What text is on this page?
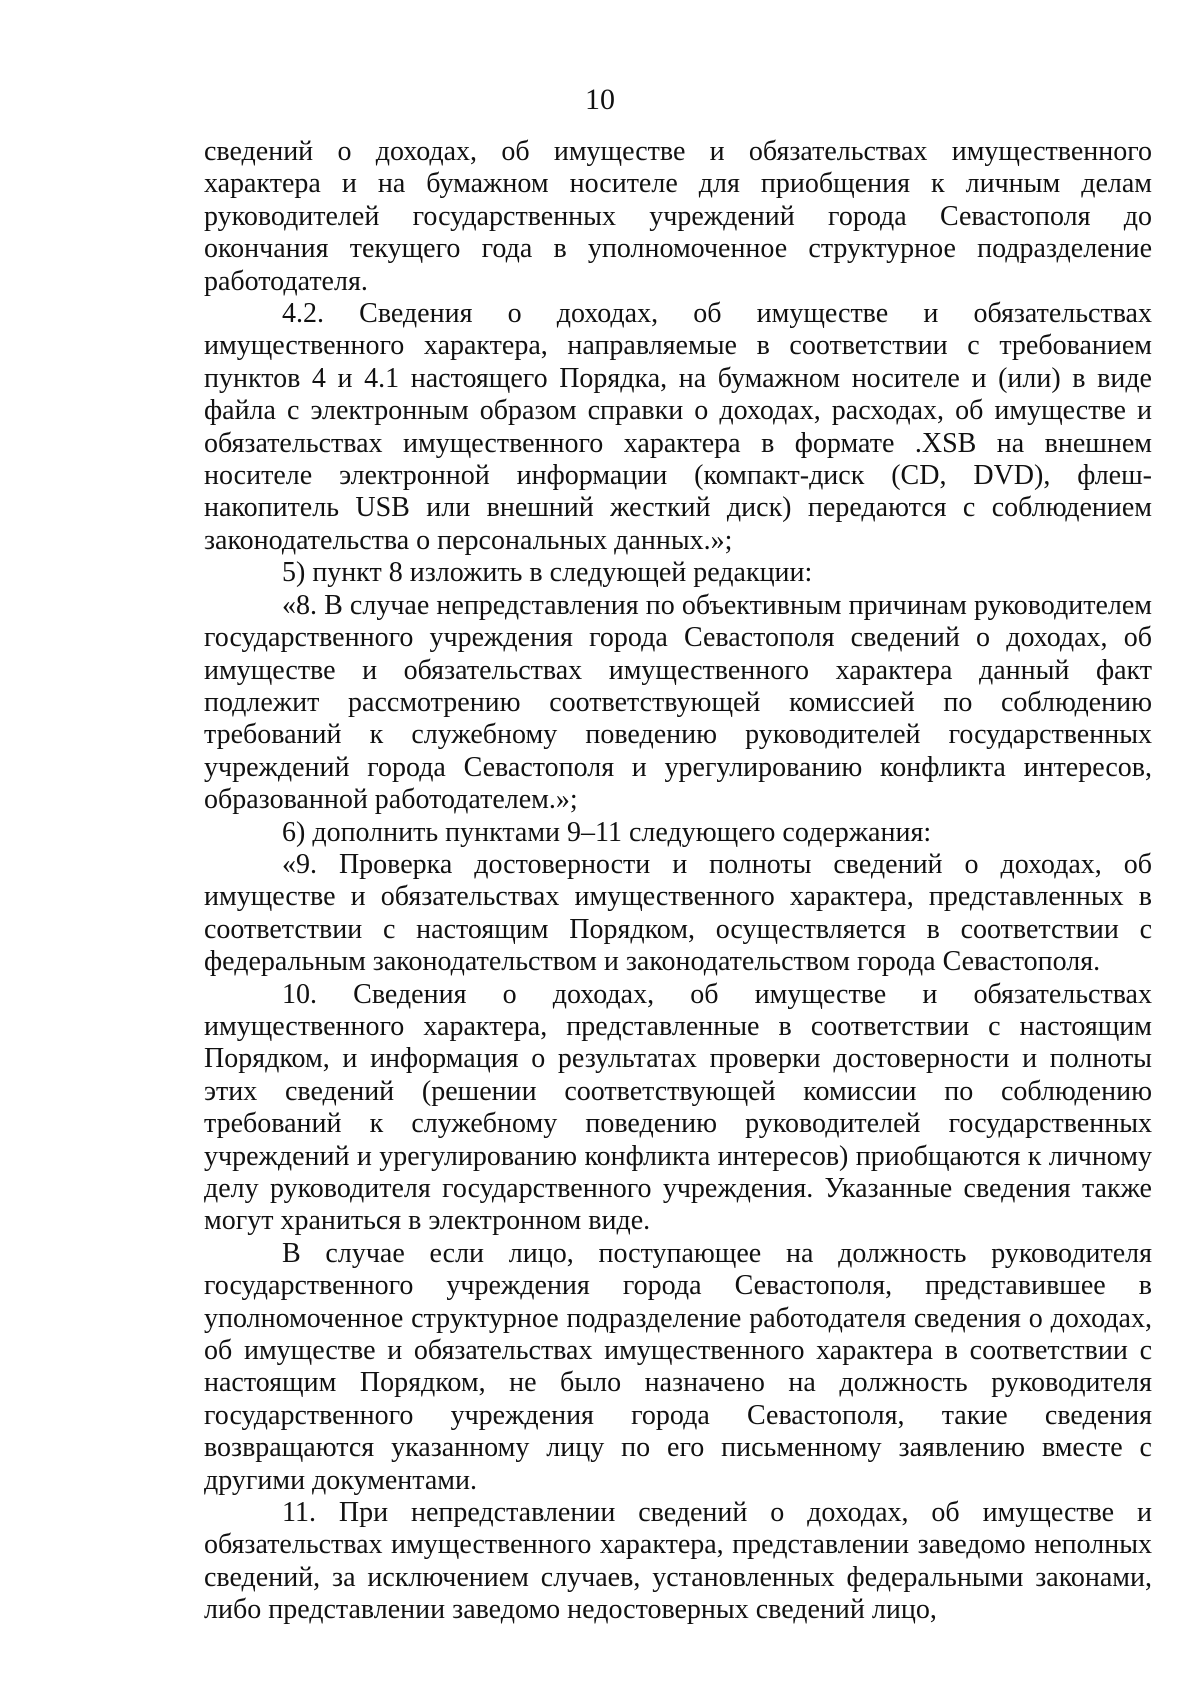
10

сведений о доходах, об имуществе и обязательствах имущественного характера и на бумажном носителе для приобщения к личным делам руководителей государственных учреждений города Севастополя до окончания текущего года в уполномоченное структурное подразделение работодателя.

4.2. Сведения о доходах, об имуществе и обязательствах имущественного характера, направляемые в соответствии с требованием пунктов 4 и 4.1 настоящего Порядка, на бумажном носителе и (или) в виде файла с электронным образом справки о доходах, расходах, об имуществе и обязательствах имущественного характера в формате .XSB на внешнем носителе электронной информации (компакт-диск (CD, DVD), флеш-накопитель USB или внешний жесткий диск) передаются с соблюдением законодательства о персональных данных.»;

5) пункт 8 изложить в следующей редакции:

«8. В случае непредставления по объективным причинам руководителем государственного учреждения города Севастополя сведений о доходах, об имуществе и обязательствах имущественного характера данный факт подлежит рассмотрению соответствующей комиссией по соблюдению требований к служебному поведению руководителей государственных учреждений города Севастополя и урегулированию конфликта интересов, образованной работодателем.»;

6) дополнить пунктами 9–11 следующего содержания:

«9. Проверка достоверности и полноты сведений о доходах, об имуществе и обязательствах имущественного характера, представленных в соответствии с настоящим Порядком, осуществляется в соответствии с федеральным законодательством и законодательством города Севастополя.

10. Сведения о доходах, об имуществе и обязательствах имущественного характера, представленные в соответствии с настоящим Порядком, и информация о результатах проверки достоверности и полноты этих сведений (решении соответствующей комиссии по соблюдению требований к служебному поведению руководителей государственных учреждений и урегулированию конфликта интересов) приобщаются к личному делу руководителя государственного учреждения. Указанные сведения также могут храниться в электронном виде.

В случае если лицо, поступающее на должность руководителя государственного учреждения города Севастополя, представившее в уполномоченное структурное подразделение работодателя сведения о доходах, об имуществе и обязательствах имущественного характера в соответствии с настоящим Порядком, не было назначено на должность руководителя государственного учреждения города Севастополя, такие сведения возвращаются указанному лицу по его письменному заявлению вместе с другими документами.

11. При непредставлении сведений о доходах, об имуществе и обязательствах имущественного характера, представлении заведомо неполных сведений, за исключением случаев, установленных федеральными законами, либо представлении заведомо недостоверных сведений лицо,
